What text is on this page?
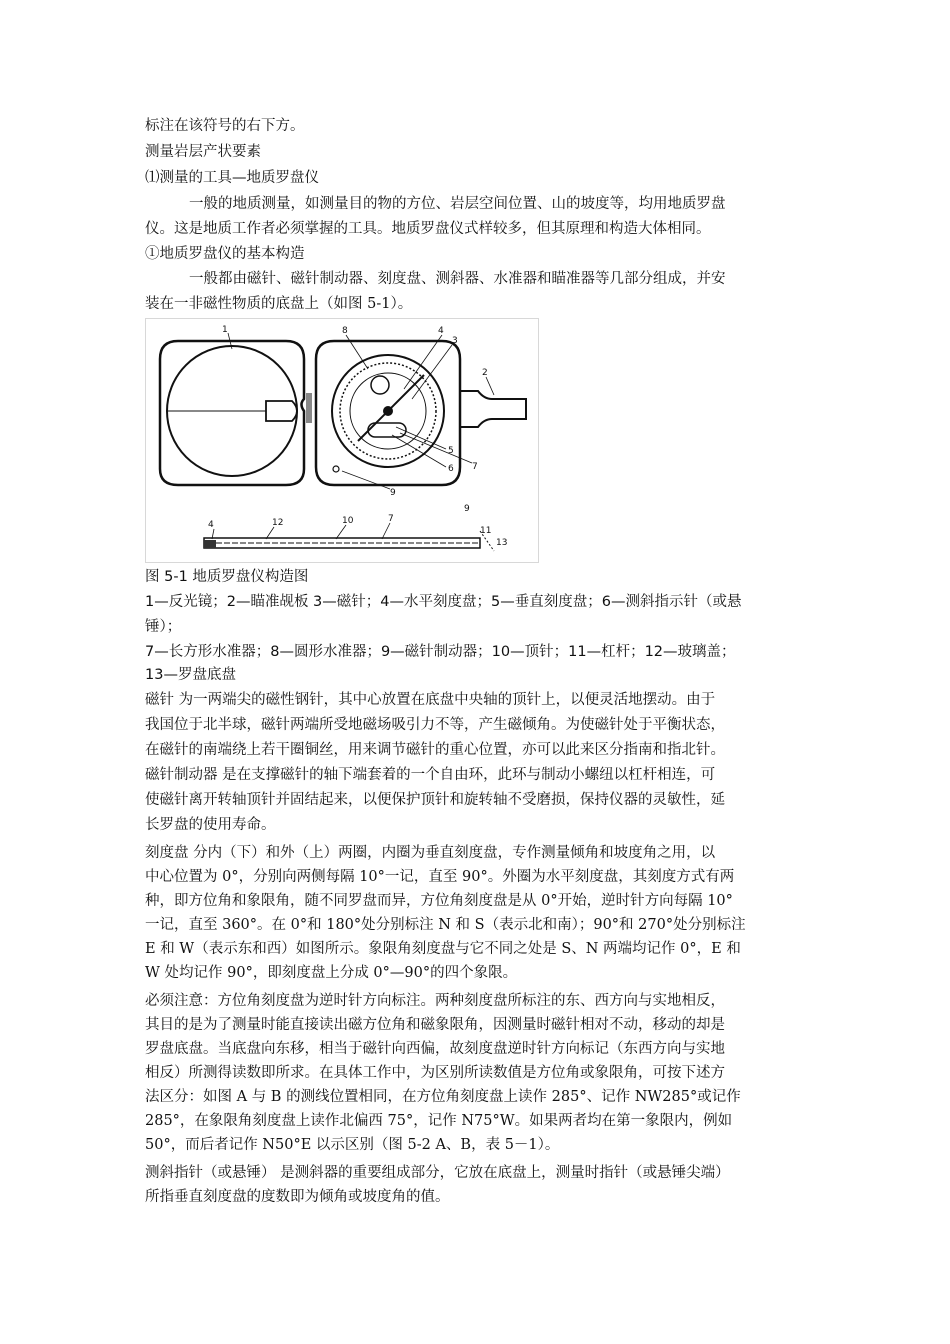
标注在该符号的右下方。
测量岩层产状要素
⑴测量的工具—地质罗盘仪
一般的地质测量，如测量目的物的方位、岩层空间位置、山的坡度等，均用地质罗盘
仪。这是地质工作者必须掌握的工具。地质罗盘仪式样较多，但其原理和构造大体相同。
①地质罗盘仪的基本构造
一般都由磁针、磁针制动器、刻度盘、测斜器、水准器和瞄准器等几部分组成，并安
装在一非磁性物质的底盘上（如图 5-1）。
1	8	4
3
2
5
6 7
9
12	10	7
9
11
13
4
图 5-1 地质罗盘仪构造图
1—反光镜；2—瞄准觇板 3—磁针；4—水平刻度盘；5—垂直刻度盘；6—测斜指示针（或悬
锤）；
7—长方形水准器；8—圆形水准器；9—磁针制动器；10—顶针；11—杠杆；12—玻璃盖；
13—罗盘底盘
磁针 为一两端尖的磁性钢针，其中心放置在底盘中央轴的顶针上，以便灵活地摆动。由于
我国位于北半球，磁针两端所受地磁场吸引力不等，产生磁倾角。为使磁针处于平衡状态，
在磁针的南端绕上若干圈铜丝，用来调节磁针的重心位置，亦可以此来区分指南和指北针。
磁针制动器 是在支撑磁针的轴下端套着的一个自由环，此环与制动小螺纽以杠杆相连，可
使磁针离开转轴顶针并固结起来，以便保护顶针和旋转轴不受磨损，保持仪器的灵敏性，延
长罗盘的使用寿命。
刻度盘 分内（下）和外（上）两圈，内圈为垂直刻度盘，专作测量倾角和坡度角之用，以
中心位置为 0°，分别向两侧每隔 10°一记，直至 90°。外圈为水平刻度盘，其刻度方式有两
种，即方位角和象限角，随不同罗盘而异，方位角刻度盘是从 0°开始，逆时针方向每隔 10°
一记，直至 360°。在 0°和 180°处分别标注 N 和 S（表示北和南）；90°和 270°处分别标注
E 和 W（表示东和西）如图所示。象限角刻度盘与它不同之处是 S、N 两端均记作 0°，E 和
W 处均记作 90°，即刻度盘上分成 0°—90°的四个象限。
必须注意：方位角刻度盘为逆时针方向标注。两种刻度盘所标注的东、西方向与实地相反，
其目的是为了测量时能直接读出磁方位角和磁象限角，因测量时磁针相对不动，移动的却是
罗盘底盘。当底盘向东移，相当于磁针向西偏，故刻度盘逆时针方向标记（东西方向与实地
相反）所测得读数即所求。在具体工作中，为区别所读数值是方位角或象限角，可按下述方
法区分：如图 A 与 B 的测线位置相同，在方位角刻度盘上读作 285°、记作 NW285°或记作
285°，在象限角刻度盘上读作北偏西 75°，记作 N75°W。如果两者均在第一象限内，例如
50°，而后者记作 N50°E 以示区别（图 5-2 A、B，表 5－1）。
测斜指针（或悬锤） 是测斜器的重要组成部分，它放在底盘上，测量时指针（或悬锤尖端）
所指垂直刻度盘的度数即为倾角或坡度角的值。
